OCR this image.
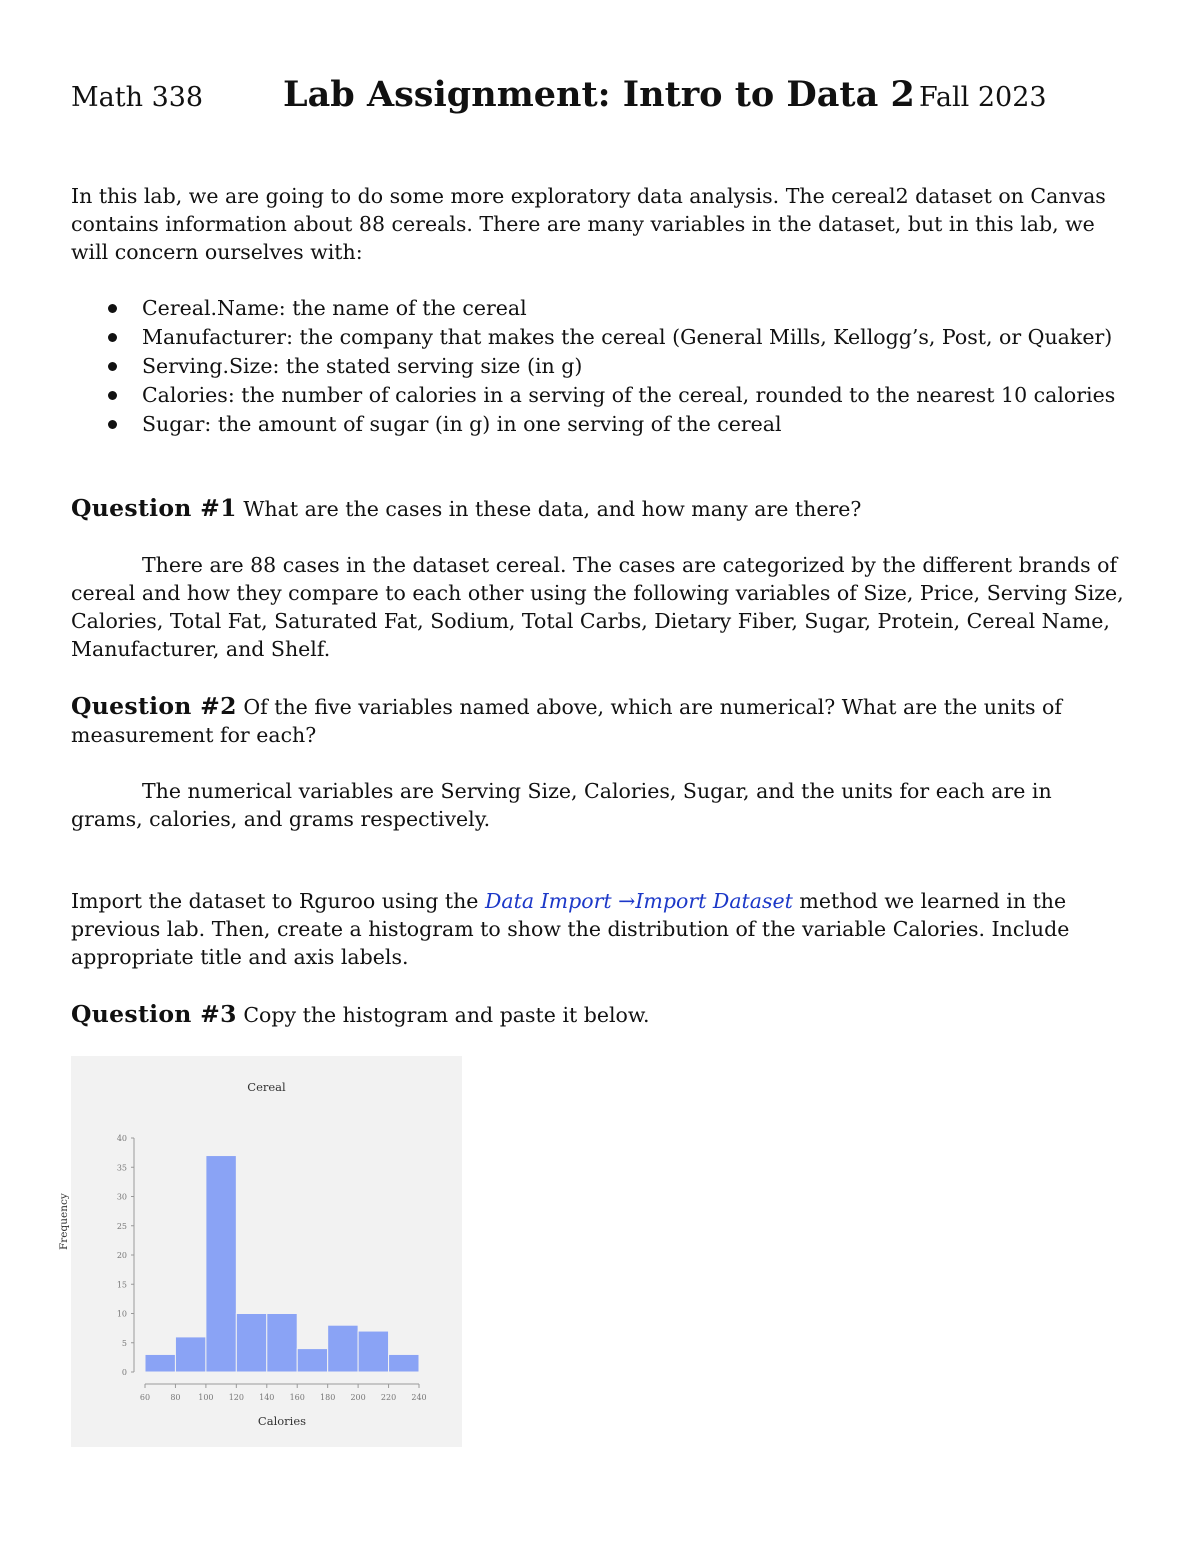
Math 338 Lab Assignment: Intro to Data 2 Fall 2023
In this lab, we are going to do some more exploratory data analysis. The cereal2 dataset on Canvas contains information about 88 cereals. There are many variables in the dataset, but in this lab, we will concern ourselves with:
Cereal.Name: the name of the cereal
Manufacturer: the company that makes the cereal (General Mills, Kellogg’s, Post, or Quaker)
Serving.Size: the stated serving size (in g)
Calories: the number of calories in a serving of the cereal, rounded to the nearest 10 calories
Sugar: the amount of sugar (in g) in one serving of the cereal
Question #1 What are the cases in these data, and how many are there?
There are 88 cases in the dataset cereal. The cases are categorized by the different brands of cereal and how they compare to each other using the following variables of Size, Price, Serving Size, Calories, Total Fat, Saturated Fat, Sodium, Total Carbs, Dietary Fiber, Sugar, Protein, Cereal Name, Manufacturer, and Shelf.
Question #2 Of the five variables named above, which are numerical? What are the units of measurement for each?
The numerical variables are Serving Size, Calories, Sugar, and the units for each are in grams, calories, and grams respectively.
Import the dataset to Rguroo using the Data Import →Import Dataset method we learned in the previous lab. Then, create a histogram to show the distribution of the variable Calories. Include appropriate title and axis labels.
Question #3 Copy the histogram and paste it below.
Cereal
0
5
10
15
20
25
30
35
40
60	80 100 120 140 160 180 200 220 240
Frequency
Calories
